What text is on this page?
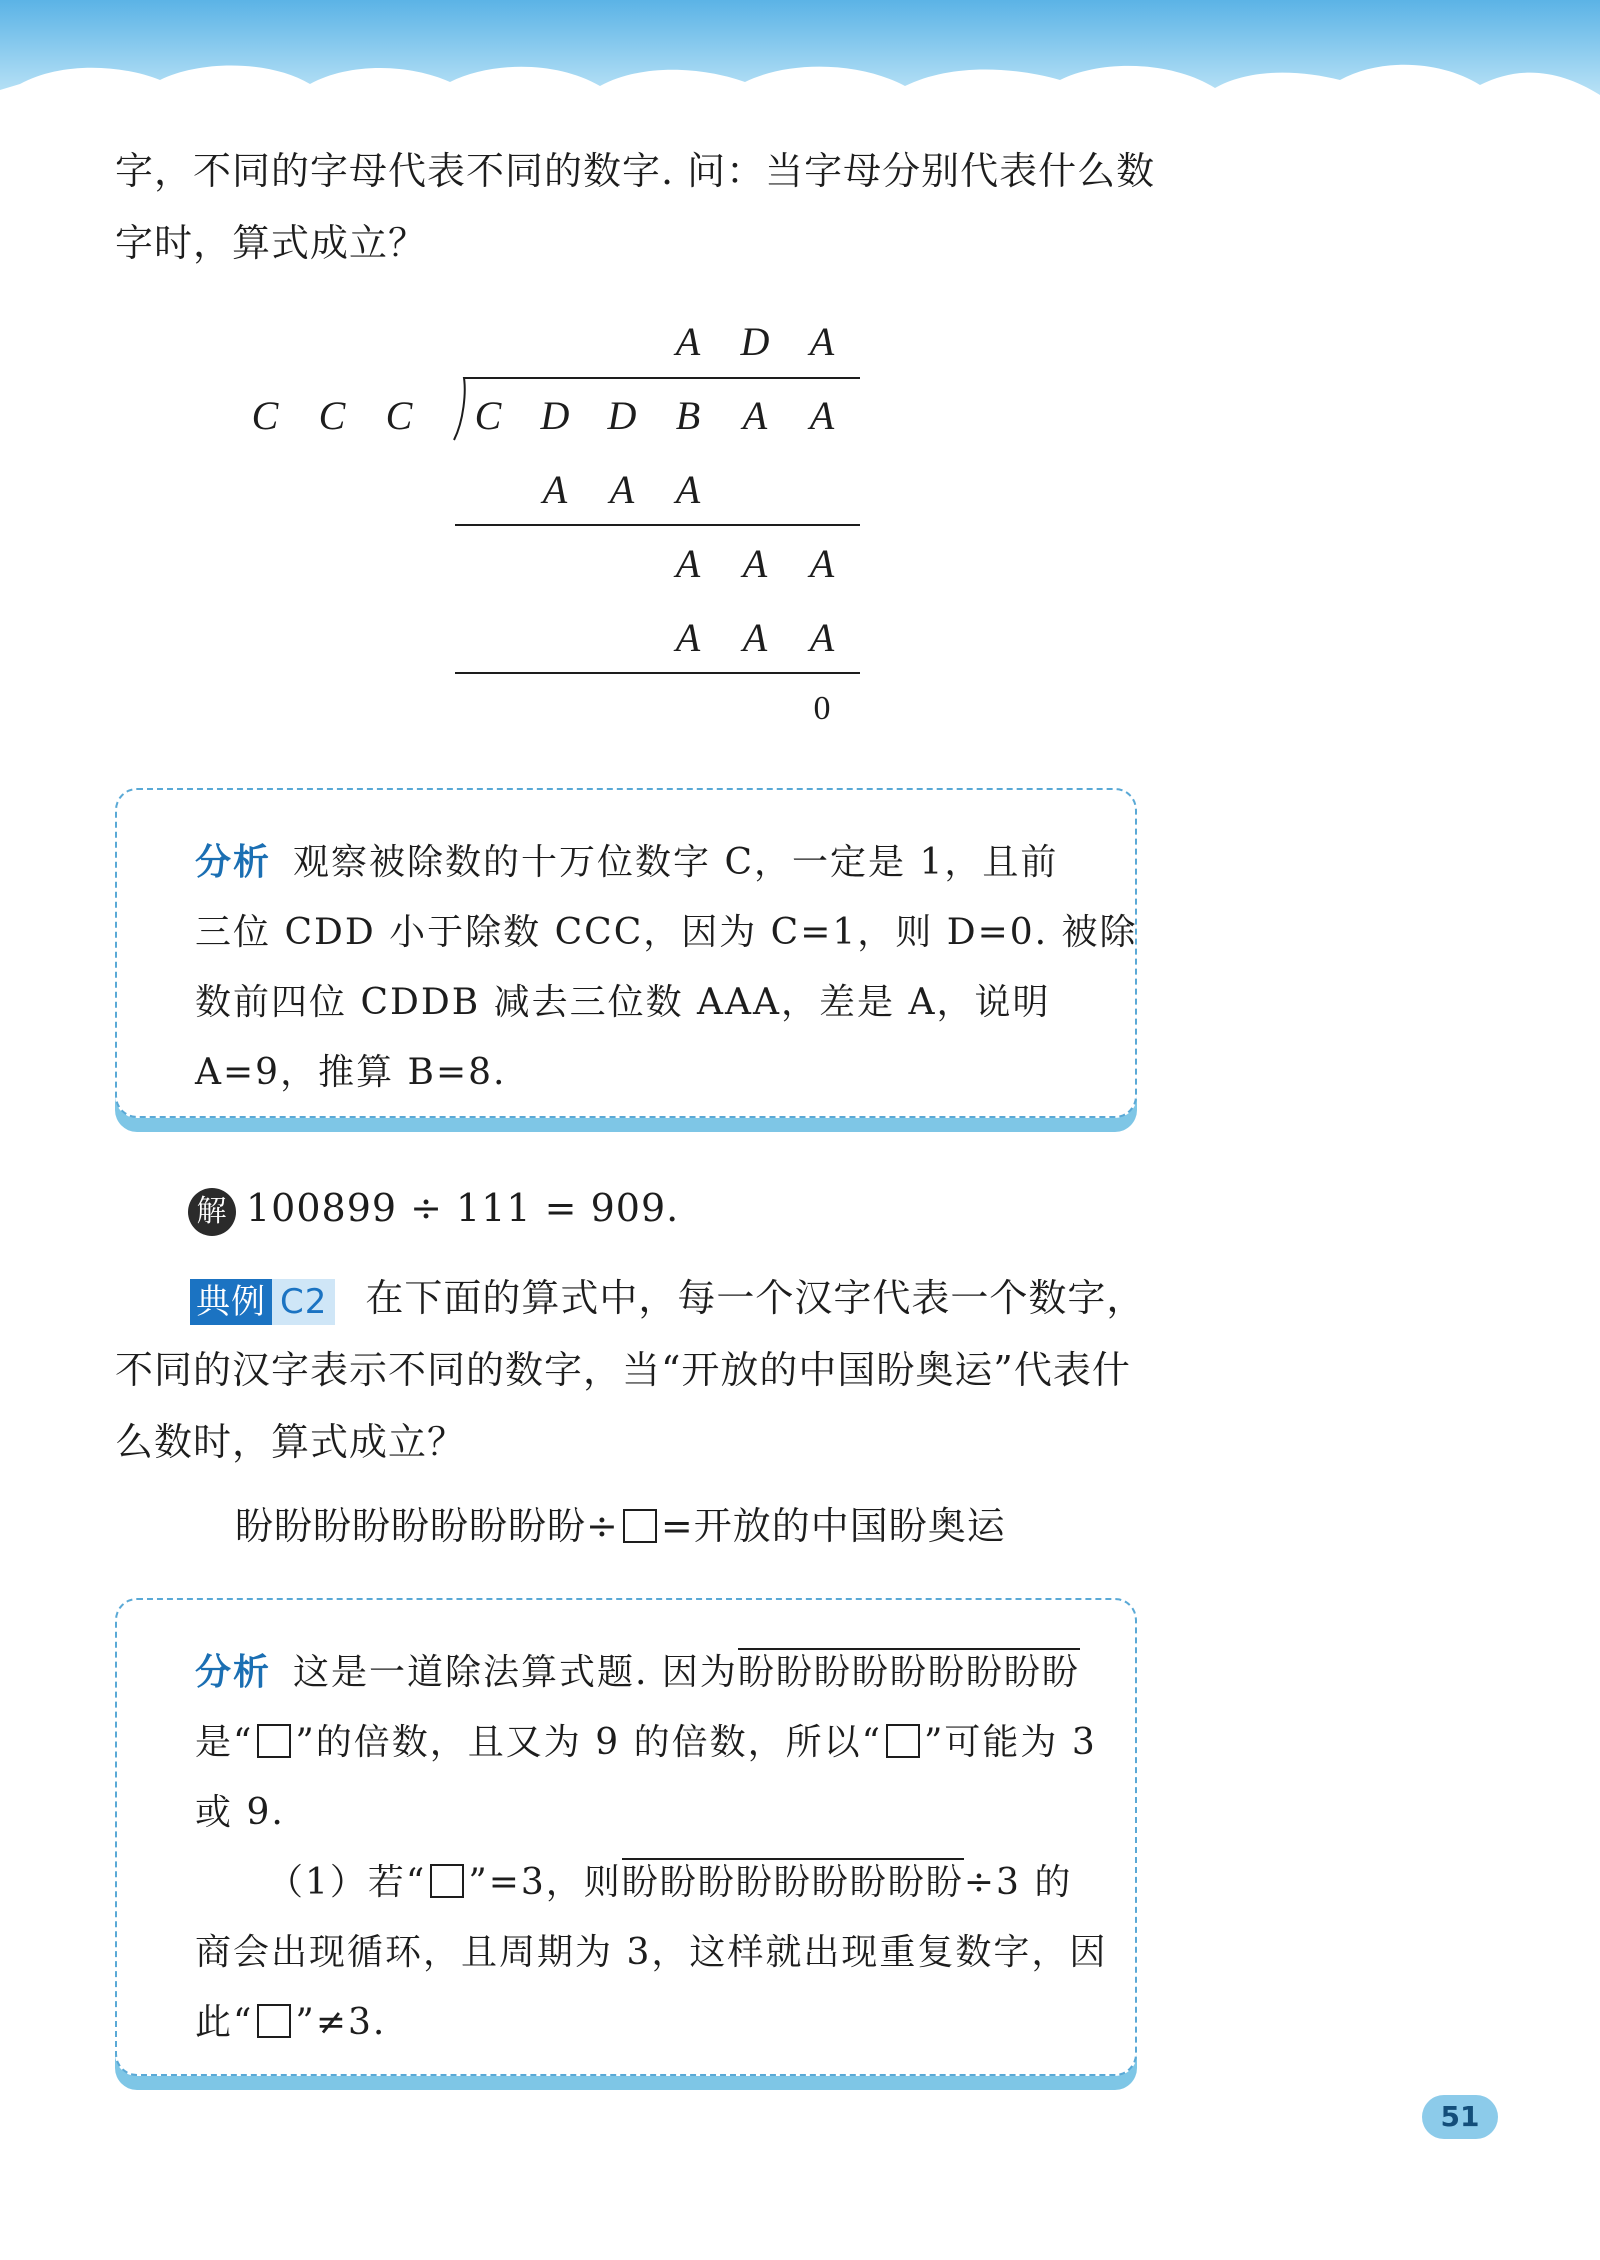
字，不同的字母代表不同的数字. 问：当字母分别代表什么数
字时，算式成立？
A D A
C C C C D D B A A
A A A
A A A
A A A
0
分析 观察被除数的十万位数字 C，一定是 1，且前
三位 CDD 小于除数 CCC，因为 C=1，则 D=0. 被除
数前四位 CDDB 减去三位数 AAA，差是 A，说明
A=9，推算 B=8.
解 100899 ÷ 111 = 909.
典例 C2 在下面的算式中，每一个汉字代表一个数字，
不同的汉字表示不同的数字，当“开放的中国盼奥运”代表什
么数时，算式成立？
盼盼盼盼盼盼盼盼盼÷ =开放的中国盼奥运
分析 这是一道除法算式题. 因为盼盼盼盼盼盼盼盼盼
是“ ”的倍数，且又为 9 的倍数，所以“ ”可能为 3
或 9.
（1）若“ ”=3，则盼盼盼盼盼盼盼盼盼÷3 的
商会出现循环，且周期为 3，这样就出现重复数字，因
此“ ”≠3.
51
